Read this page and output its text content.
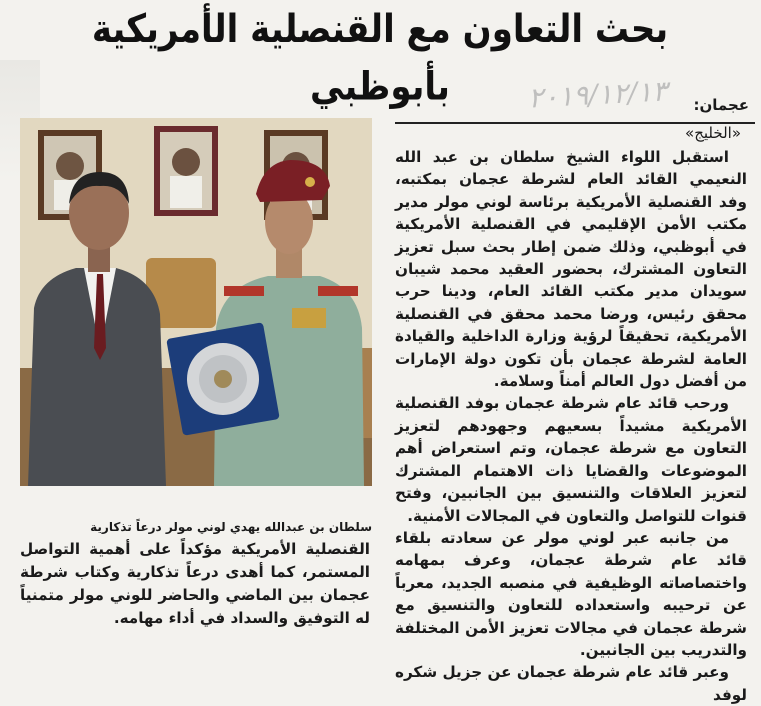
بحث التعاون مع القنصلية الأمريكية بأبوظبي	٢٠١٩/١٢/١٣ عجمان:
«الخليج»

استقبل اللواء الشيخ سلطان بن عبد الله النعيمي القائد العام لشرطة عجمان بمكتبه، وفد القنصلية الأمريكية برئاسة لوني مولر مدير مكتب الأمن الإقليمي في القنصلية الأمريكية في أبوظبي، وذلك ضمن إطار بحث سبل تعزيز التعاون المشترك، بحضور العقيد محمد شيبان سويدان مدير مكتب القائد العام، ودينا حرب محقق رئيس، ورضا محمد محقق في القنصلية الأمريكية، تحقيقاً لرؤية وزارة الداخلية والقيادة العامة لشرطة عجمان بأن تكون دولة الإمارات من أفضل دول العالم أمناً وسلامة.

ورحب قائد عام شرطة عجمان بوفد القنصلية الأمريكية مشيداً بسعيهم وجهودهم لتعزيز التعاون مع شرطة عجمان، وتم استعراض أهم الموضوعات والقضايا ذات الاهتمام المشترك لتعزيز العلاقات والتنسيق بين الجانبين، وفتح قنوات للتواصل والتعاون في المجالات الأمنية.

من جانبه عبر لوني مولر عن سعادته بلقاء قائد عام شرطة عجمان، وعرف بمهامه واختصاصاته الوظيفية في منصبه الجديد، معرباً عن ترحيبه واستعداده للتعاون والتنسيق مع شرطة عجمان في مجالات تعزيز الأمن المختلفة والتدريب بين الجانبين.

وعبر قائد عام شرطة عجمان عن جزيل شكره لوفد

سلطان بن عبدالله يهدي لوني مولر درعاً تذكارية
القنصلية الأمريكية مؤكداً على أهمية التواصل المستمر، كما أهدى درعاً تذكارية وكتاب شرطة عجمان بين الماضي والحاضر للوني مولر متمنياً له التوفيق والسداد في أداء مهامه.
